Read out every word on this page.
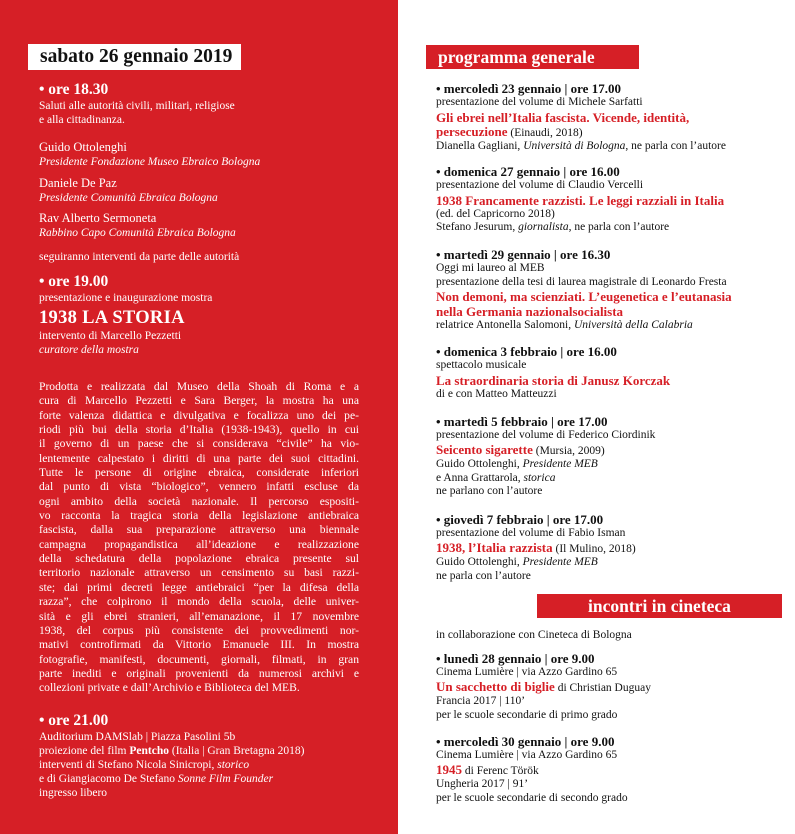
sabato 26 gennaio 2019
• ore 18.30
Saluti alle autorità civili, militari, religiose
e alla cittadinanza.
Guido Ottolenghi
Presidente Fondazione Museo Ebraico Bologna
Daniele De Paz
Presidente Comunità Ebraica Bologna
Rav Alberto Sermoneta
Rabbino Capo Comunità Ebraica Bologna
seguiranno interventi da parte delle autorità
• ore 19.00
presentazione e inaugurazione mostra
1938 LA STORIA
intervento di Marcello Pezzetti
curatore della mostra
Prodotta e realizzata dal Museo della Shoah di Roma e a
cura di Marcello Pezzetti e Sara Berger, la mostra ha una
forte valenza didattica e divulgativa e focalizza uno dei pe-
riodi più bui della storia d’Italia (1938-1943), quello in cui
il governo di un paese che si considerava “civile” ha vio-
lentemente calpestato i diritti di una parte dei suoi cittadini.
Tutte le persone di origine ebraica, considerate inferiori
dal punto di vista “biologico”, vennero infatti escluse da
ogni ambito della società nazionale. Il percorso espositi-
vo racconta la tragica storia della legislazione antiebraica
fascista, dalla sua preparazione attraverso una biennale
campagna propagandistica all’ideazione e realizzazione
della schedatura della popolazione ebraica presente sul
territorio nazionale attraverso un censimento su basi razzi-
ste; dai primi decreti legge antiebraici “per la difesa della
razza”, che colpirono il mondo della scuola, delle univer-
sità e gli ebrei stranieri, all’emanazione, il 17 novembre
1938, del corpus più consistente dei provvedimenti nor-
mativi controfirmati da Vittorio Emanuele III. In mostra
fotografie, manifesti, documenti, giornali, filmati, in gran
parte inediti e originali provenienti da numerosi archivi e
collezioni private e dall’Archivio e Biblioteca del MEB.
• ore 21.00
Auditorium DAMSlab | Piazza Pasolini 5b
proiezione del film Pentcho (Italia | Gran Bretagna 2018)
interventi di Stefano Nicola Sinicropi, storico
e di Giangiacomo De Stefano Sonne Film Founder
ingresso libero
programma generale
• mercoledì 23 gennaio | ore 17.00
presentazione del volume di Michele Sarfatti
Gli ebrei nell’Italia fascista. Vicende, identità,
persecuzione (Einaudi, 2018)
Dianella Gagliani, Università di Bologna, ne parla con l’autore
• domenica 27 gennaio | ore 16.00
presentazione del volume di Claudio Vercelli
1938 Francamente razzisti. Le leggi razziali in Italia
(ed. del Capricorno 2018)
Stefano Jesurum, giornalista, ne parla con l’autore
• martedì 29 gennaio | ore 16.30
Oggi mi laureo al MEB
presentazione della tesi di laurea magistrale di Leonardo Fresta
Non demoni, ma scienziati. L’eugenetica e l’eutanasia
nella Germania nazionalsocialista
relatrice Antonella Salomoni, Università della Calabria
• domenica 3 febbraio | ore 16.00
spettacolo musicale
La straordinaria storia di Janusz Korczak
di e con Matteo Matteuzzi
• martedì 5 febbraio | ore 17.00
presentazione del volume di Federico Ciordinik
Seicento sigarette (Mursia, 2009)
Guido Ottolenghi, Presidente MEB
e Anna Grattarola, storica
ne parlano con l’autore
• giovedì 7 febbraio | ore 17.00
presentazione del volume di Fabio Isman
1938, l’Italia razzista (Il Mulino, 2018)
Guido Ottolenghi, Presidente MEB
ne parla con l’autore
incontri in cineteca
in collaborazione con Cineteca di Bologna
• lunedì 28 gennaio | ore 9.00
Cinema Lumière | via Azzo Gardino 65
Un sacchetto di biglie di Christian Duguay
Francia 2017 | 110’
per le scuole secondarie di primo grado
• mercoledì 30 gennaio | ore 9.00
Cinema Lumière | via Azzo Gardino 65
1945 di Ferenc Török
Ungheria 2017 | 91’
per le scuole secondarie di secondo grado
